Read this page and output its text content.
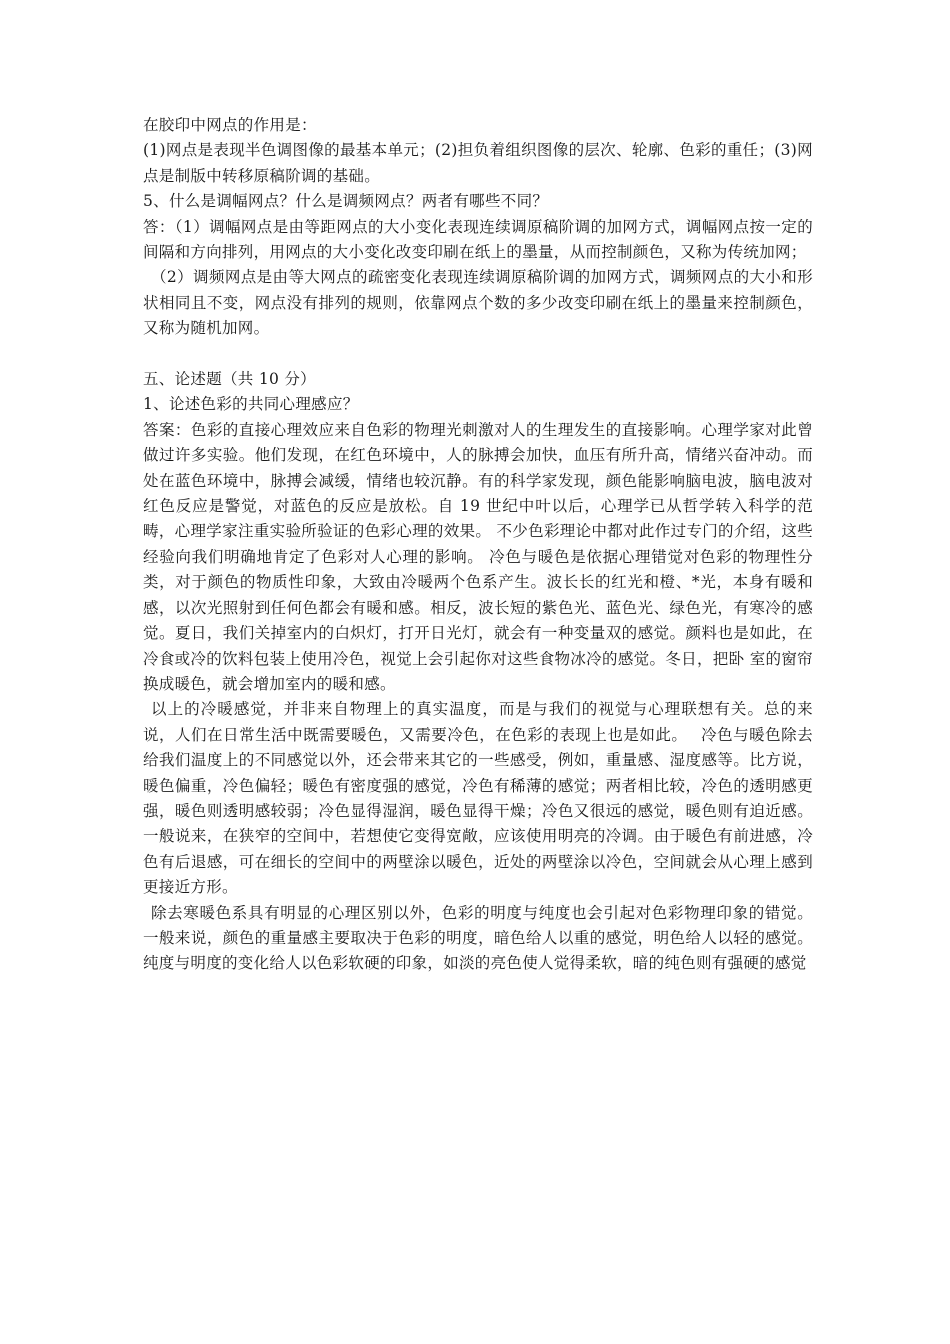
在胶印中网点的作用是：

(1)网点是表现半色调图像的最基本单元；(2)担负着组织图像的层次、轮廓、色彩的重任；(3)网点是制版中转移原稿阶调的基础。

5、什么是调幅网点？什么是调频网点？两者有哪些不同？

答：（1）调幅网点是由等距网点的大小变化表现连续调原稿阶调的加网方式，调幅网点按一定的间隔和方向排列，用网点的大小变化改变印刷在纸上的墨量，从而控制颜色，又称为传统加网；

（2）调频网点是由等大网点的疏密变化表现连续调原稿阶调的加网方式，调频网点的大小和形状相同且不变，网点没有排列的规则，依靠网点个数的多少改变印刷在纸上的墨量来控制颜色，又称为随机加网。

五、论述题（共 10 分）

1、论述色彩的共同心理感应？

答案：色彩的直接心理效应来自色彩的物理光刺激对人的生理发生的直接影响。心理学家对此曾做过许多实验。他们发现，在红色环境中，人的脉搏会加快，血压有所升高，情绪兴奋冲动。而处在蓝色环境中，脉搏会减缓，情绪也较沉静。有的科学家发现，颜色能影响脑电波，脑电波对红色反应是警觉，对蓝色的反应是放松。自 19 世纪中叶以后，心理学已从哲学转入科学的范畴，心理学家注重实验所验证的色彩心理的效果。 不少色彩理论中都对此作过专门的介绍，这些经验向我们明确地肯定了色彩对人心理的影响。 冷色与暖色是依据心理错觉对色彩的物理性分类，对于颜色的物质性印象，大致由冷暖两个色系产生。波长长的红光和橙、*光，本身有暖和感，以次光照射到任何色都会有暖和感。相反，波长短的紫色光、蓝色光、绿色光，有寒冷的感觉。夏日，我们关掉室内的白炽灯，打开日光灯，就会有一种变量双的感觉。颜料也是如此，在冷食或冷的饮料包装上使用冷色，视觉上会引起你对这些食物冰冷的感觉。冬日，把卧 室的窗帘换成暖色，就会增加室内的暖和感。

以上的冷暖感觉，并非来自物理上的真实温度，而是与我们的视觉与心理联想有关。总的来说，人们在日常生活中既需要暖色，又需要冷色，在色彩的表现上也是如此。　 冷色与暖色除去给我们温度上的不同感觉以外，还会带来其它的一些感受，例如，重量感、湿度感等。比方说，暖色偏重，冷色偏轻；暖色有密度强的感觉，冷色有稀薄的感觉；两者相比较，冷色的透明感更强，暖色则透明感较弱；冷色显得湿润，暖色显得干燥；冷色又很远的感觉，暖色则有迫近感。一般说来，在狭窄的空间中，若想使它变得宽敞，应该使用明亮的冷调。由于暖色有前进感，冷色有后退感，可在细长的空间中的两壁涂以暖色，近处的两壁涂以冷色，空间就会从心理上感到更接近方形。

除去寒暖色系具有明显的心理区别以外，色彩的明度与纯度也会引起对色彩物理印象的错觉。一般来说，颜色的重量感主要取决于色彩的明度，暗色给人以重的感觉，明色给人以轻的感觉。纯度与明度的变化给人以色彩软硬的印象，如淡的亮色使人觉得柔软，暗的纯色则有强硬的感觉
